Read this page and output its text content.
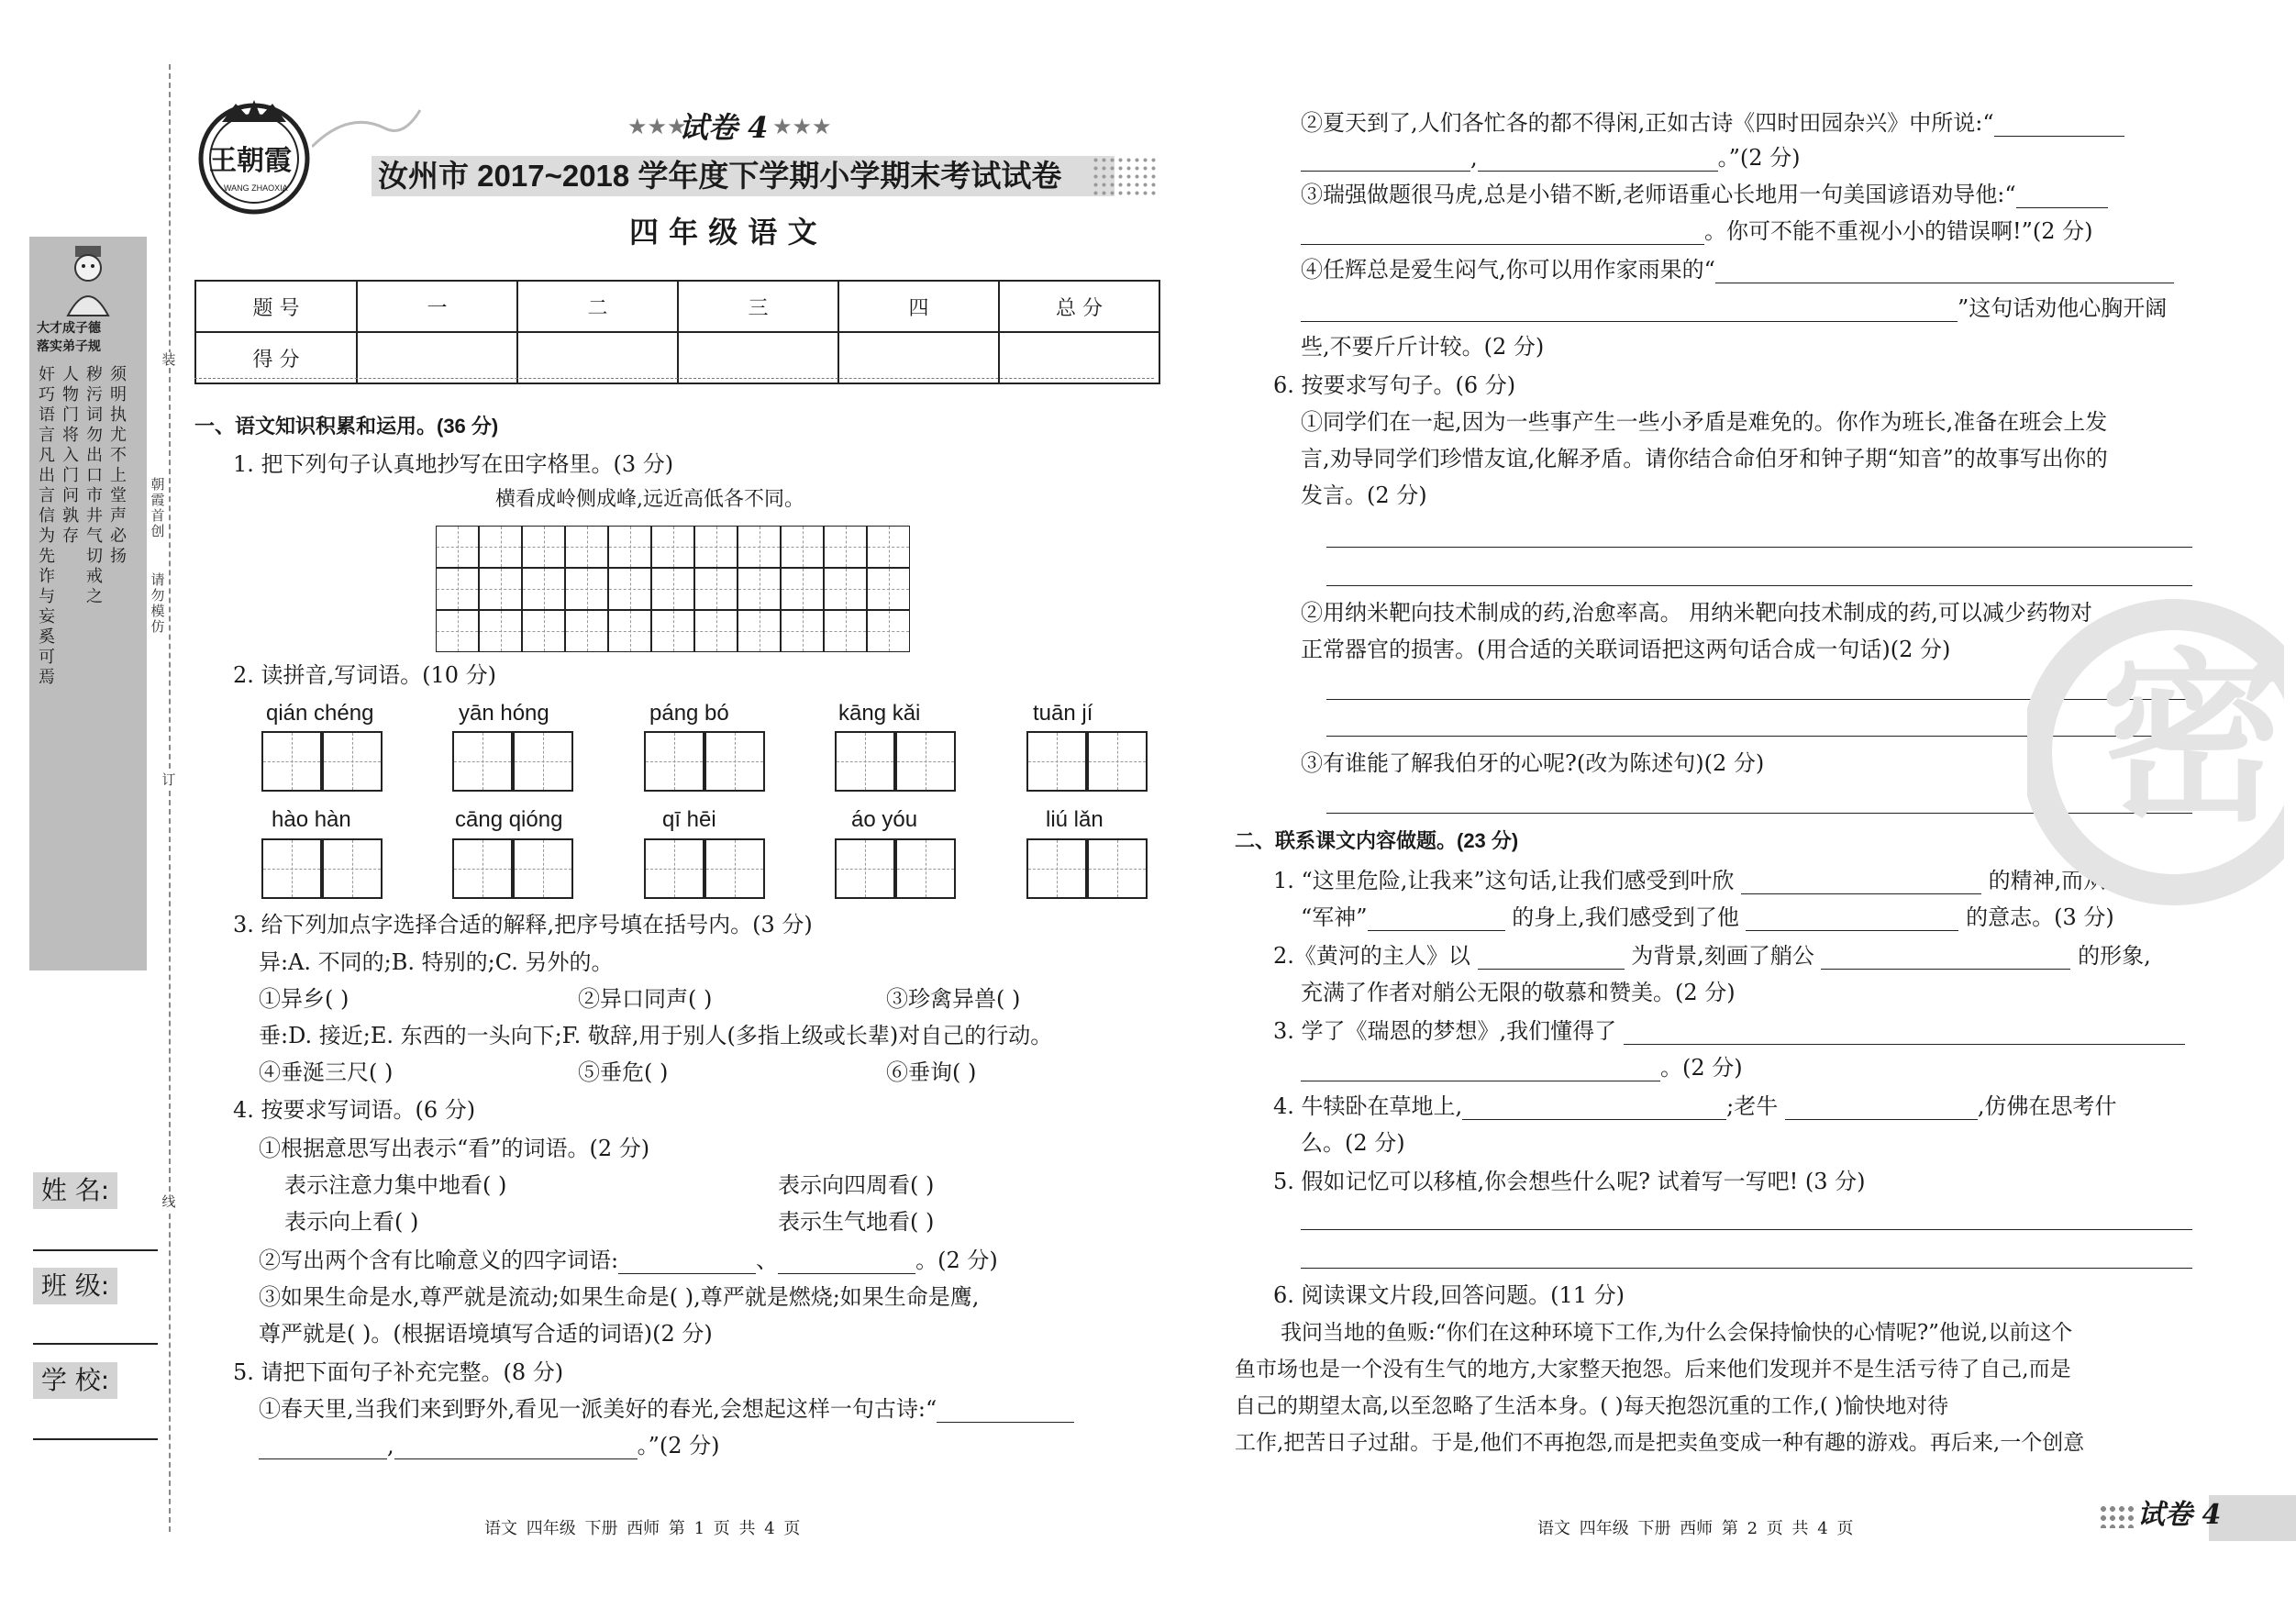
大才成子德
落实弟子规
奸巧语言凡出言信为先诈与妄奚可焉
人物门将入门问孰存
秽污词勿出口市井气切戒之
须明执尤不上堂声必扬
姓 名:
班 级:
学 校:
装
订
线
朝霞首创
请勿模仿
王朝霞
WANG ZHAOXIA
★★★
试卷 4 ★★★
汝州市 2017~2018 学年度下学期小学期末考试试卷
四 年 级 语 文
题 号	一	二	三	四	总 分
得 分					
一、语文知识积累和运用。(36 分)
1. 把下列句子认真地抄写在田字格里。(3 分)
横看成岭侧成峰,远近高低各不同。
2. 读拼音,写词语。(10 分)
qián chéng	yān hóng	páng bó	kāng kǎi	tuān jí
hào hàn	cāng qióng	qī hēi	áo yóu	liú lǎn
3. 给下列加点字选择合适的解释,把序号填在括号内。(3 分)
异:A. 不同的;B. 特别的;C. 另外的。
①异乡( )	②异口同声( )	③珍禽异兽( )
垂:D. 接近;E. 东西的一头向下;F. 敬辞,用于别人(多指上级或长辈)对自己的行动。
④垂涎三尺( )	⑤垂危( )	⑥垂询( )
4. 按要求写词语。(6 分)
①根据意思写出表示“看”的词语。(2 分)
表示注意力集中地看( )	表示向四周看( )
表示向上看( )	表示生气地看( )
②写出两个含有比喻意义的四字词语:	、	。(2 分)
③如果生命是水,尊严就是流动;如果生命是( ),尊严就是燃烧;如果生命是鹰,
尊严就是( )。(根据语境填写合适的词语)(2 分)
5. 请把下面句子补充完整。(8 分)
①春天里,当我们来到野外,看见一派美好的春光,会想起这样一句古诗:“
,	。”(2 分)
语文 四年级 下册 西师 第 1 页 共 4 页
②夏天到了,人们各忙各的都不得闲,正如古诗《四时田园杂兴》中所说:“
,	。”(2 分)
③瑞强做题很马虎,总是小错不断,老师语重心长地用一句美国谚语劝导他:“
。你可不能不重视小小的错误啊!”(2 分)
④任辉总是爱生闷气,你可以用作家雨果的“
”这句话劝他心胸开阔
些,不要斤斤计较。(2 分)
6. 按要求写句子。(6 分)
①同学们在一起,因为一些事产生一些小矛盾是难免的。你作为班长,准备在班会上发
言,劝导同学们珍惜友谊,化解矛盾。请你结合命伯牙和钟子期“知音”的故事写出你的
发言。(2 分)
②用纳米靶向技术制成的药,治愈率高。 用纳米靶向技术制成的药,可以减少药物对
正常器官的损害。(用合适的关联词语把这两句话合成一句话)(2 分)
③有谁能了解我伯牙的心呢?(改为陈述句)(2 分)
二、联系课文内容做题。(23 分)
1. “这里危险,让我来”这句话,让我们感受到叶欣	的精神,而从
“军神”	的身上,我们感受到了他	的意志。(3 分)
2.《黄河的主人》以	为背景,刻画了艄公	的形象,
充满了作者对艄公无限的敬慕和赞美。(2 分)
3. 学了《瑞恩的梦想》,我们懂得了
。(2 分)
4. 牛犊卧在草地上,	;老牛	,仿佛在思考什
么。(2 分)
5. 假如记忆可以移植,你会想些什么呢? 试着写一写吧! (3 分)
6. 阅读课文片段,回答问题。(11 分)
我问当地的鱼贩:“你们在这种环境下工作,为什么会保持愉快的心情呢?”他说,以前这个
鱼市场也是一个没有生气的地方,大家整天抱怨。后来他们发现并不是生活亏待了自己,而是
自己的期望太高,以至忽略了生活本身。( )每天抱怨沉重的工作,( )愉快地对待
工作,把苦日子过甜。于是,他们不再抱怨,而是把卖鱼变成一种有趣的游戏。再后来,一个创意
密
语文 四年级 下册 西师 第 2 页 共 4 页	试卷 4
